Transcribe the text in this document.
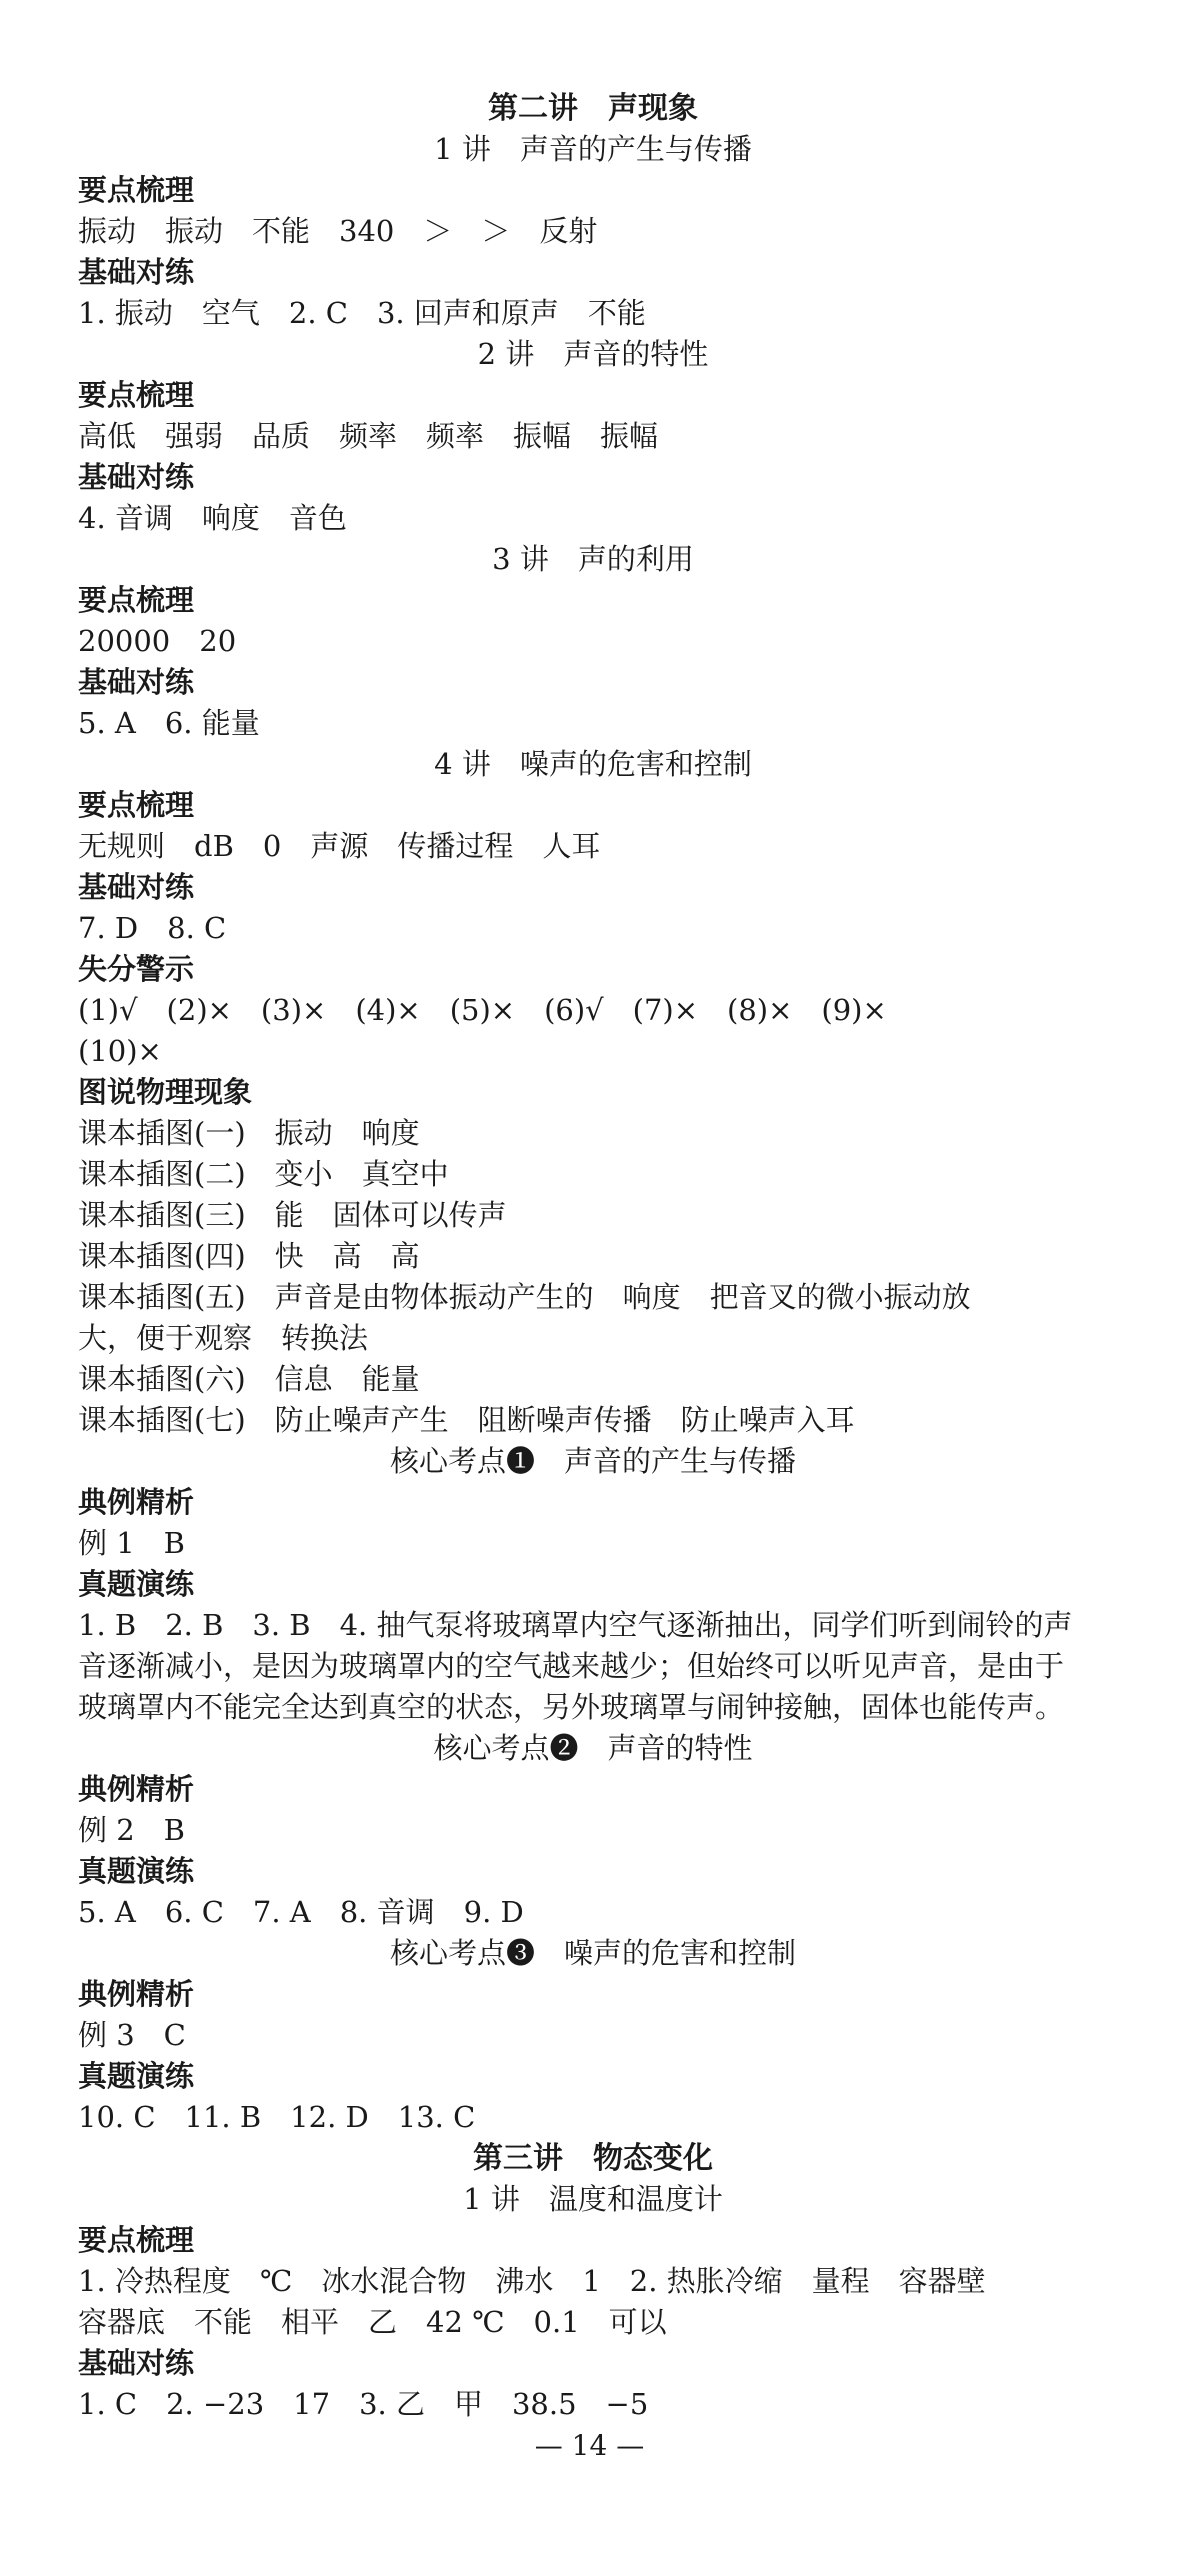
第二讲　声现象
1 讲　声音的产生与传播
要点梳理
振动　振动　不能　340　＞　＞　反射
基础对练
1. 振动　空气　2. C　3. 回声和原声　不能
2 讲　声音的特性
要点梳理
高低　强弱　品质　频率　频率　振幅　振幅
基础对练
4. 音调　响度　音色
3 讲　声的利用
要点梳理
20000　20
基础对练
5. A　6. 能量
4 讲　噪声的危害和控制
要点梳理
无规则　dB　0　声源　传播过程　人耳
基础对练
7. D　8. C
失分警示
(1)√　(2)×　(3)×　(4)×　(5)×　(6)√　(7)×　(8)×　(9)×
(10)×
图说物理现象
课本插图(一)　振动　响度
课本插图(二)　变小　真空中
课本插图(三)　能　固体可以传声
课本插图(四)　快　高　高
课本插图(五)　声音是由物体振动产生的　响度　把音叉的微小振动放
大，便于观察　转换法
课本插图(六)　信息　能量
课本插图(七)　防止噪声产生　阻断噪声传播　防止噪声入耳
核心考点❶　声音的产生与传播
典例精析
例 1　B
真题演练
1. B　2. B　3. B　4. 抽气泵将玻璃罩内空气逐渐抽出，同学们听到闹铃的声
音逐渐减小，是因为玻璃罩内的空气越来越少；但始终可以听见声音，是由于
玻璃罩内不能完全达到真空的状态，另外玻璃罩与闹钟接触，固体也能传声。
核心考点❷　声音的特性
典例精析
例 2　B
真题演练
5. A　6. C　7. A　8. 音调　9. D
核心考点❸　噪声的危害和控制
典例精析
例 3　C
真题演练
10. C　11. B　12. D　13. C
第三讲　物态变化
1 讲　温度和温度计
要点梳理
1. 冷热程度　℃　冰水混合物　沸水　1　2. 热胀冷缩　量程　容器壁
容器底　不能　相平　乙　42 ℃　0.1　可以
基础对练
1. C　2. −23　17　3. 乙　甲　38.5　−5
— 14 —
